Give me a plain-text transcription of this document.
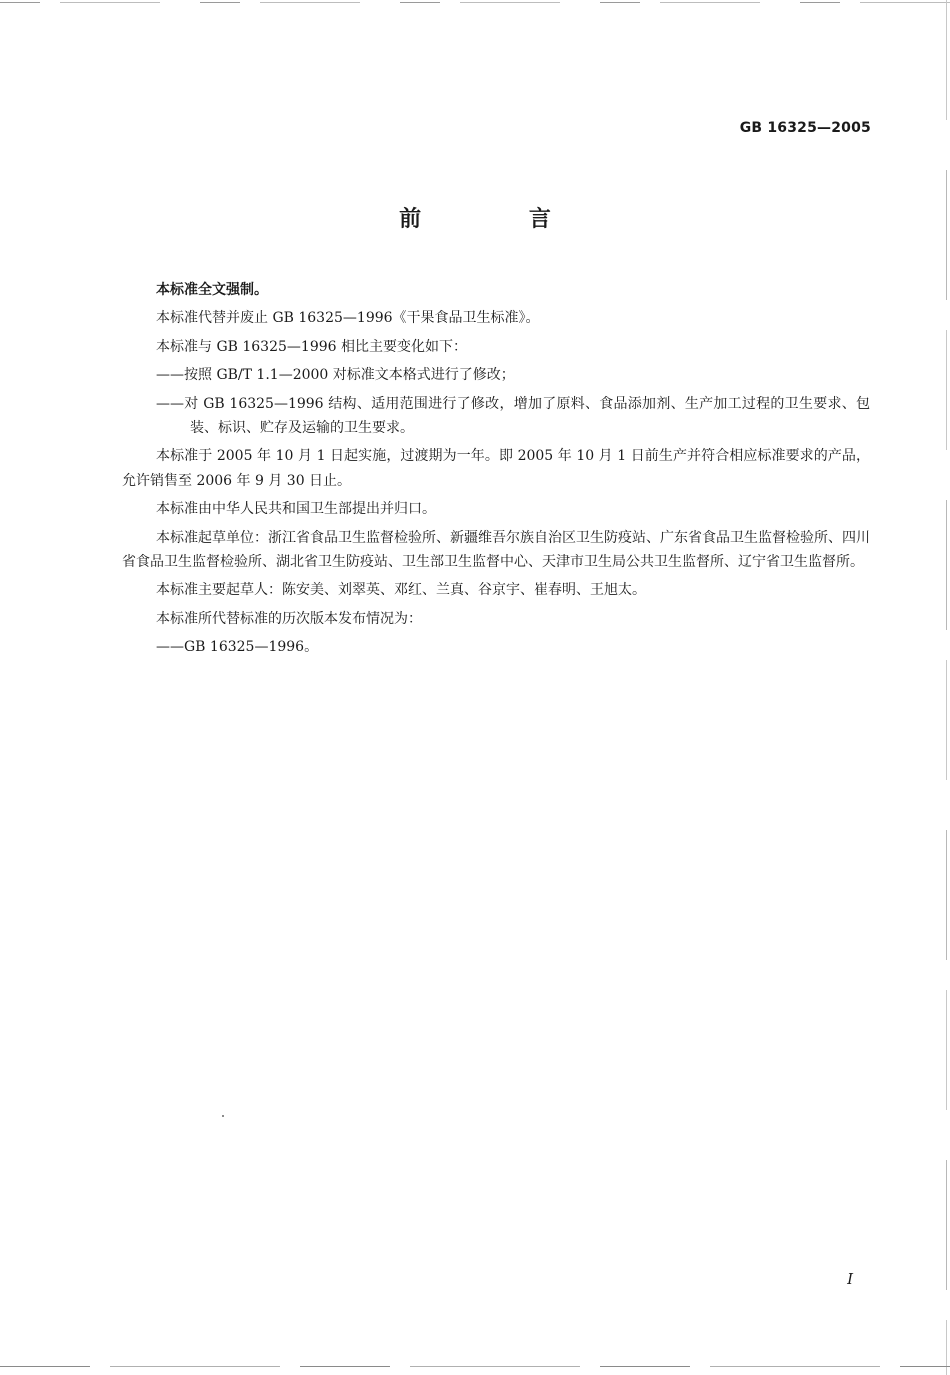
GB 16325—2005
前 言

本标准全文强制。

本标准代替并废止 GB 16325—1996《干果食品卫生标准》。

本标准与 GB 16325—1996 相比主要变化如下：

——按照 GB/T 1.1—2000 对标准文本格式进行了修改；

——对 GB 16325—1996 结构、适用范围进行了修改，增加了原料、食品添加剂、生产加工过程的卫生要求、包装、标识、贮存及运输的卫生要求。

本标准于 2005 年 10 月 1 日起实施，过渡期为一年。即 2005 年 10 月 1 日前生产并符合相应标准要求的产品，允许销售至 2006 年 9 月 30 日止。

本标准由中华人民共和国卫生部提出并归口。

本标准起草单位：浙江省食品卫生监督检验所、新疆维吾尔族自治区卫生防疫站、广东省食品卫生监督检验所、四川省食品卫生监督检验所、湖北省卫生防疫站、卫生部卫生监督中心、天津市卫生局公共卫生监督所、辽宁省卫生监督所。

本标准主要起草人：陈安美、刘翠英、邓红、兰真、谷京宇、崔春明、王旭太。

本标准所代替标准的历次版本发布情况为：

——GB 16325—1996。

I
